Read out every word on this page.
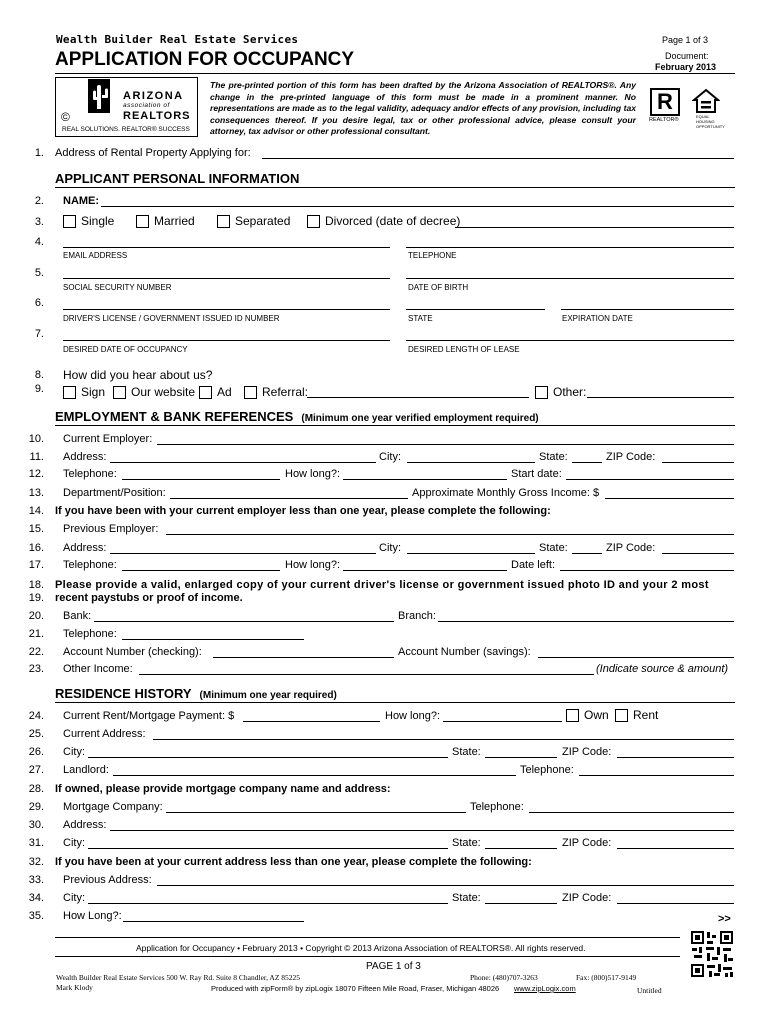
Wealth Builder Real Estate Services	Page 1 of 3
APPLICATION FOR OCCUPANCY	Document:
February 2013
ARIZONA
association of
REALTORS
©
REAL SOLUTIONS. REALTOR® SUCCESS
The pre-printed portion of this form has been drafted by the Arizona Association of REALTORS®. Any change in the pre-printed language of this form must be made in a prominent manner. No representations are made as to the legal validity, adequacy and/or effects of any provision, including tax consequences thereof. If you desire legal, tax or other professional advice, please consult your attorney, tax advisor or other professional consultant.
R
REALTOR®
EQUAL HOUSING OPPORTUNITY
1. Address of Rental Property Applying for:
APPLICANT PERSONAL INFORMATION
2. NAME:
3.	Single	Married	Separated	Divorced (date of decree)
4.
EMAIL ADDRESS	TELEPHONE
5.
SOCIAL SECURITY NUMBER	DATE OF BIRTH
6.
DRIVER'S LICENSE / GOVERNMENT ISSUED ID NUMBER	STATE	EXPIRATION DATE
7.
DESIRED DATE OF OCCUPANCY	DESIRED LENGTH OF LEASE
8. How did you hear about us?
9.	Sign	Our website	Ad	Referral:	Other:
EMPLOYMENT & BANK REFERENCES (Minimum one year verified employment required)
10. Current Employer:
11. Address:	City:	State:	ZIP Code:
12. Telephone:	How long?:	Start date:
13. Department/Position:	Approximate Monthly Gross Income: $
14. If you have been with your current employer less than one year, please complete the following:
15. Previous Employer:
16. Address:	City:	State:	ZIP Code:
17. Telephone:	How long?:	Date left:
18.
19.
Please provide a valid, enlarged copy of your current driver's license or government issued photo ID and your 2 most
recent paystubs or proof of income.
20. Bank:	Branch:
21. Telephone:
22. Account Number (checking):	Account Number (savings):
23. Other Income:	(Indicate source & amount)
RESIDENCE HISTORY (Minimum one year required)
24. Current Rent/Mortgage Payment: $	How long?:	Own	Rent
25. Current Address:
26. City:	State:	ZIP Code:
27. Landlord:	Telephone:
28. If owned, please provide mortgage company name and address:
29. Mortgage Company:	Telephone:
30. Address:
31. City:	State:	ZIP Code:
32. If you have been at your current address less than one year, please complete the following:
33. Previous Address:
34. City:	State:	ZIP Code:
35. How Long?:	>>
Application for Occupancy • February 2013 • Copyright © 2013 Arizona Association of REALTORS®. All rights reserved.
PAGE 1 of 3
Wealth Builder Real Estate Services 500 W. Ray Rd. Suite 8 Chandler, AZ 85225	Phone: (480)707-3263	Fax: (800)517-9149
Mark Klody	Produced with zipForm® by zipLogix 18070 Fifteen Mile Road, Fraser, Michigan 48026 www.zipLogix.com	Untitled
